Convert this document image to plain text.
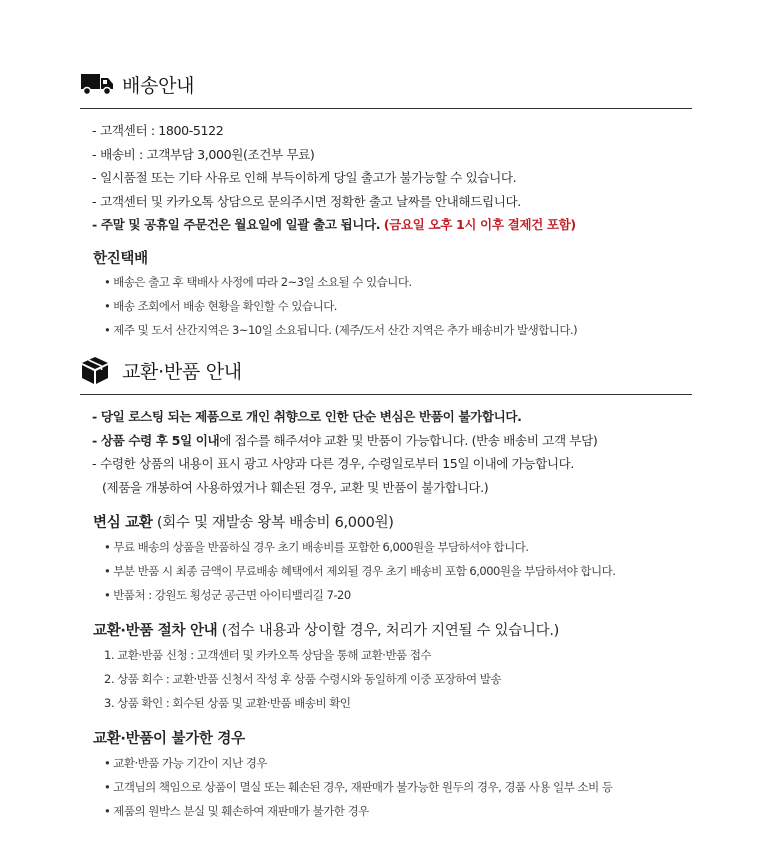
배송안내
- 고객센터 : 1800-5122
- 배송비 : 고객부담 3,000원(조건부 무료)
- 일시품절 또는 기타 사유로 인해 부득이하게 당일 출고가 불가능할 수 있습니다.
- 고객센터 및 카카오톡 상담으로 문의주시면 정확한 출고 날짜를 안내해드립니다.
- 주말 및 공휴일 주문건은 월요일에 일괄 출고 됩니다. (금요일 오후 1시 이후 결제건 포함)
한진택배
• 배송은 출고 후 택배사 사정에 따라 2~3일 소요될 수 있습니다.
• 배송 조회에서 배송 현황을 확인할 수 있습니다.
• 제주 및 도서 산간지역은 3~10일 소요됩니다. (제주/도서 산간 지역은 추가 배송비가 발생합니다.)
교환·반품 안내
- 당일 로스팅 되는 제품으로 개인 취향으로 인한 단순 변심은 반품이 불가합니다.
- 상품 수령 후 5일 이내에 접수를 해주셔야 교환 및 반품이 가능합니다. (반송 배송비 고객 부담)
- 수령한 상품의 내용이 표시 광고 사양과 다른 경우, 수령일로부터 15일 이내에 가능합니다.
(제품을 개봉하여 사용하였거나 훼손된 경우, 교환 및 반품이 불가합니다.)
변심 교환 (회수 및 재발송 왕복 배송비 6,000원)
• 무료 배송의 상품을 반품하실 경우 초기 배송비를 포함한 6,000원을 부담하셔야 합니다.
• 부분 반품 시 최종 금액이 무료배송 혜택에서 제외될 경우 초기 배송비 포함 6,000원을 부담하셔야 합니다.
• 반품처 : 강원도 횡성군 공근면 아이티밸리길 7-20
교환·반품 절차 안내 (접수 내용과 상이할 경우, 처리가 지연될 수 있습니다.)
1. 교환·반품 신청 : 고객센터 및 카카오톡 상담을 통해 교환·반품 접수
2. 상품 회수 : 교환·반품 신청서 작성 후 상품 수령시와 동일하게 이중 포장하여 발송
3. 상품 확인 : 회수된 상품 및 교환·반품 배송비 확인
교환·반품이 불가한 경우
• 교환·반품 가능 기간이 지난 경우
• 고객님의 책임으로 상품이 멸실 또는 훼손된 경우, 재판매가 불가능한 원두의 경우, 경품 사용 일부 소비 등
• 제품의 원박스 분실 및 훼손하여 재판매가 불가한 경우
